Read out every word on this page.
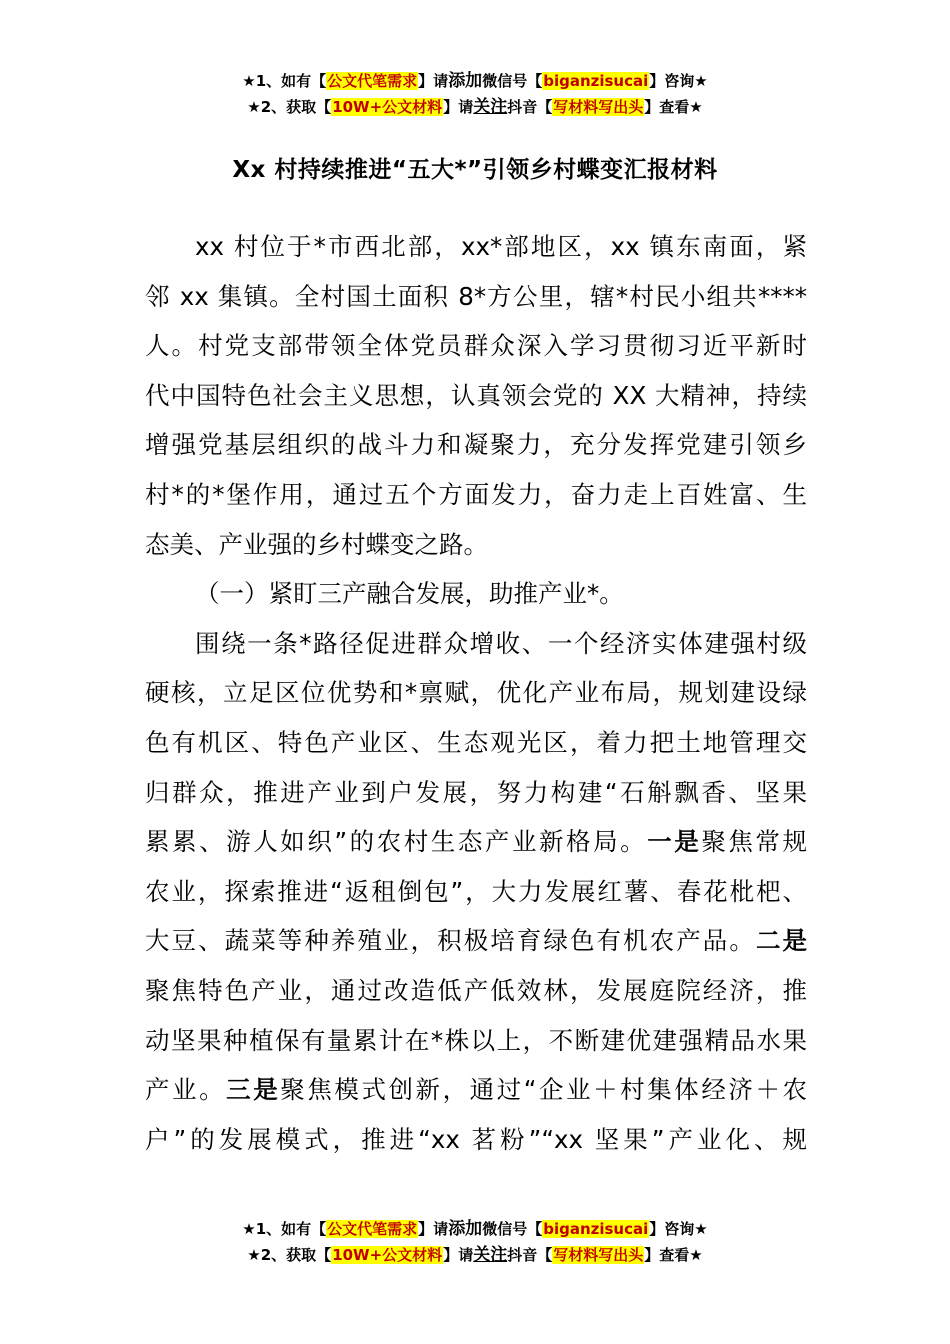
★1、如有【公文代笔需求】请添加微信号【biganzisucai】咨询★
★2、获取【10W+公文材料】请关注抖音【写材料写出头】查看★
Xx 村持续推进“五大*”引领乡村蝶变汇报材料
xx 村位于*市西北部，xx*部地区，xx 镇东南面，紧
邻 xx 集镇。全村国土面积 8*方公里，辖*村民小组共****
人。村党支部带领全体党员群众深入学习贯彻习近平新时
代中国特色社会主义思想，认真领会党的 XX 大精神，持续
增强党基层组织的战斗力和凝聚力，充分发挥党建引领乡
村*的*堡作用，通过五个方面发力，奋力走上百姓富、生
态美、产业强的乡村蝶变之路。
（一）紧盯三产融合发展，助推产业*。
围绕一条*路径促进群众增收、一个经济实体建强村级
硬核，立足区位优势和*禀赋，优化产业布局，规划建设绿
色有机区、特色产业区、生态观光区，着力把土地管理交
归群众，推进产业到户发展，努力构建“石斛飘香、坚果
累累、游人如织”的农村生态产业新格局。一是聚焦常规
农业，探索推进“返租倒包”，大力发展红薯、春花枇杷、
大豆、蔬菜等种养殖业，积极培育绿色有机农产品。二是
聚焦特色产业，通过改造低产低效林，发展庭院经济，推
动坚果种植保有量累计在*株以上，不断建优建强精品水果
产业。三是聚焦模式创新，通过“企业＋村集体经济＋农
户”的发展模式，推进“xx 茗粉”“xx 坚果”产业化、规
★1、如有【公文代笔需求】请添加微信号【biganzisucai】咨询★
★2、获取【10W+公文材料】请关注抖音【写材料写出头】查看★
